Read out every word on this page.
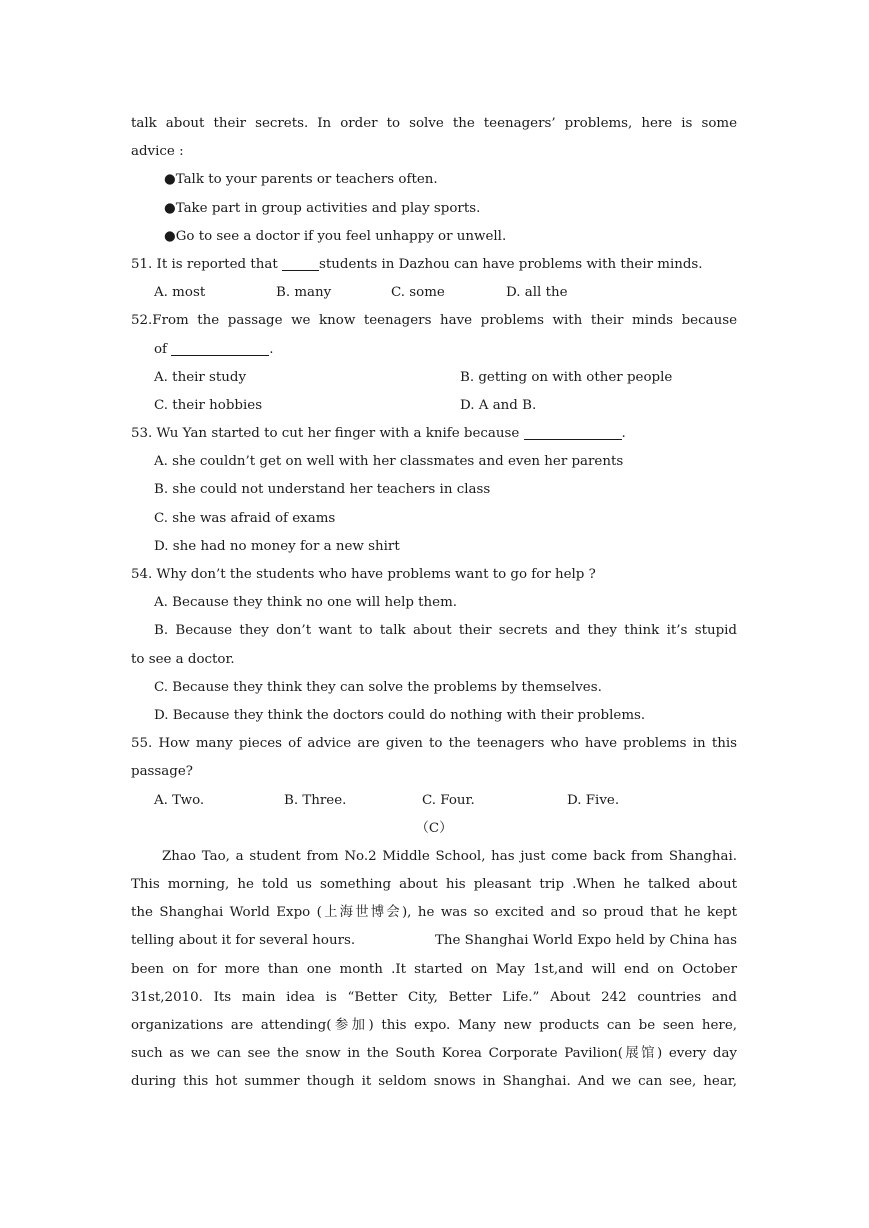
talk about their secrets. In order to solve the teenagers’ problems, here is some
advice :
●Talk to your parents or teachers often.
●Take part in group activities and play sports.
●Go to see a doctor if you feel unhappy or unwell.
51. It is reported that	students in Dazhou can have problems with their minds.
A. most	B. many	C. some	D. all the
52.From the passage we know teenagers have problems with their minds because
of	.
A. their study	B. getting on with other people
C. their hobbies	D. A and B.
53. Wu Yan started to cut her finger with a knife because	.
A. she couldn’t get on well with her classmates and even her parents
B. she could not understand her teachers in class
C. she was afraid of exams
D. she had no money for a new shirt
54. Why don’t the students who have problems want to go for help ?
A. Because they think no one will help them.
B. Because they don’t want to talk about their secrets and they think it’s stupid
to see a doctor.
C. Because they think they can solve the problems by themselves.
D. Because they think the doctors could do nothing with their problems.
55. How many pieces of advice are given to the teenagers who have problems in this
passage?
A. Two.	B. Three.	C. Four.	D. Five.
（C）
Zhao Tao, a student from No.2 Middle School, has just come back from Shanghai.
This morning, he told us something about his pleasant trip .When he talked about
the Shanghai World Expo (上海世博会), he was so excited and so proud that he kept
telling about it for several hours.	The Shanghai World Expo held by China has
been on for more than one month .It started on May 1st,and will end on October
31st,2010. Its main idea is “Better City, Better Life.” About 242 countries and
organizations are attending(参加) this expo. Many new products can be seen here,
such as we can see the snow in the South Korea Corporate Pavilion(展馆) every day
during this hot summer though it seldom snows in Shanghai. And we can see, hear,
